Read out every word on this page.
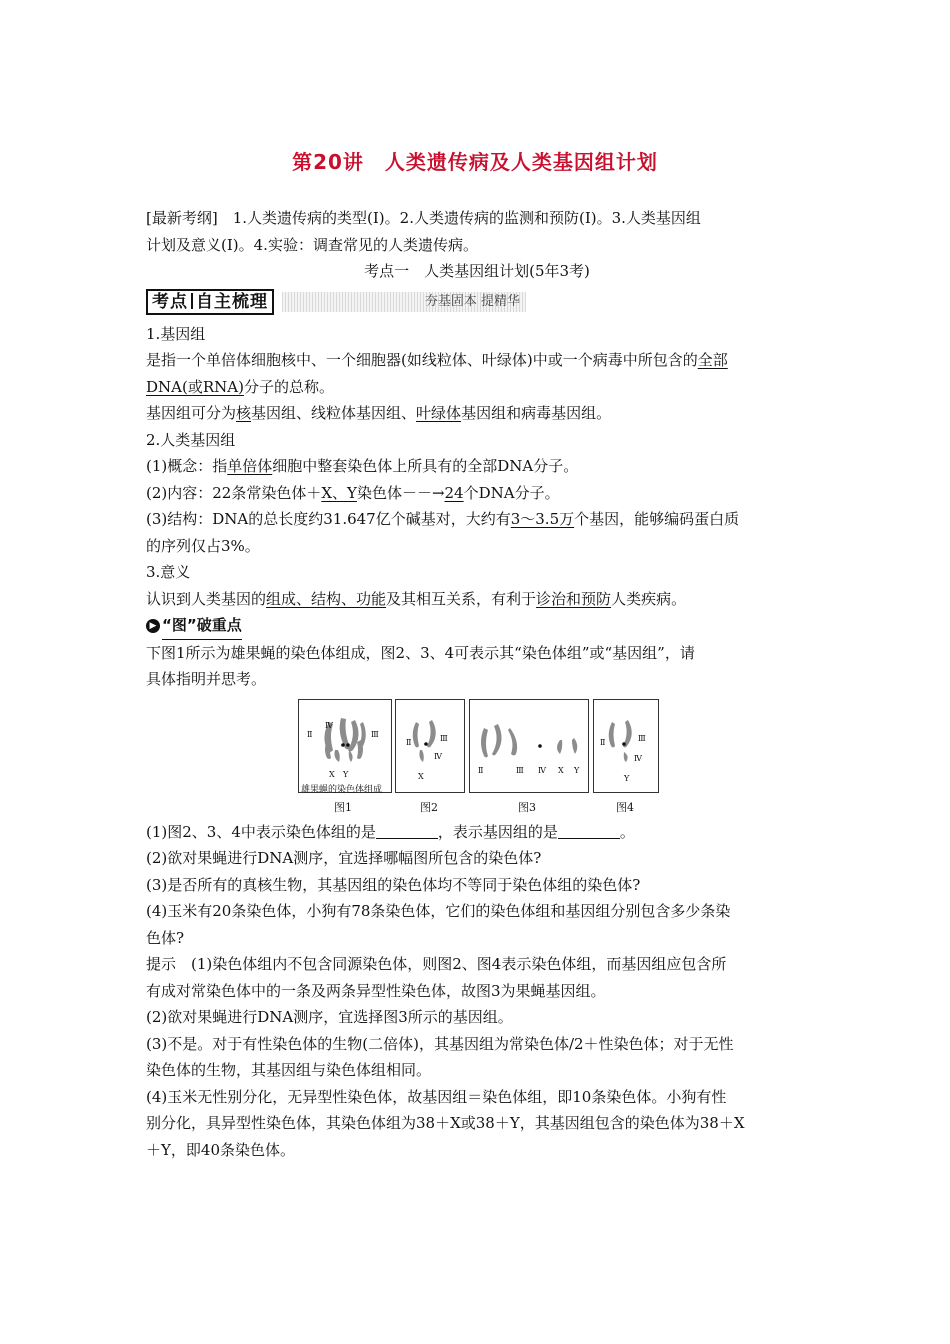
第20讲　人类遗传病及人类基因组计划

[最新考纲]　1.人类遗传病的类型(Ⅰ)。2.人类遗传病的监测和预防(Ⅰ)。3.人类基因组

计划及意义(Ⅰ)。4.实验：调查常见的人类遗传病。

考点一　人类基因组计划(5年3考)

考点 自主梳理	夯基固本 提精华

1.基因组

是指一个单倍体细胞核中、一个细胞器(如线粒体、叶绿体)中或一个病毒中所包含的全部

DNA(或RNA)分子的总称。

基因组可分为核基因组、线粒体基因组、叶绿体基因组和病毒基因组。

2.人类基因组

(1)概念：指单倍体细胞中整套染色体上所具有的全部DNA分子。

(2)内容：22条常染色体＋X、Y染色体－－→24个DNA分子。

(3)结构：DNA的总长度约31.647亿个碱基对，大约有3～3.5万个基因，能够编码蛋白质

的序列仅占3%。

3.意义

认识到人类基因的组成、结构、功能及其相互关系，有利于诊治和预防人类疾病。

▶ “图”破重点

下图1所示为雄果蝇的染色体组成，图2、3、4可表示其“染色体组”或“基因组”，请

具体指明并思考。

Ⅳ
Ⅱ	Ⅲ
X Y
雄果蝇的染色体组成
Ⅱ	Ⅲ
Ⅳ
X
Ⅱ	Ⅲ Ⅳ X Y
Ⅱ	Ⅲ
Ⅳ
Y
图1	图2	图3	图4

(1)图2、3、4中表示染色体组的是	，表示基因组的是	。

(2)欲对果蝇进行DNA测序，宜选择哪幅图所包含的染色体?

(3)是否所有的真核生物，其基因组的染色体均不等同于染色体组的染色体?

(4)玉米有20条染色体，小狗有78条染色体，它们的染色体组和基因组分别包含多少条染

色体?

提示　(1)染色体组内不包含同源染色体，则图2、图4表示染色体组，而基因组应包含所

有成对常染色体中的一条及两条异型性染色体，故图3为果蝇基因组。

(2)欲对果蝇进行DNA测序，宜选择图3所示的基因组。

(3)不是。对于有性染色体的生物(二倍体)，其基因组为常染色体/2＋性染色体；对于无性

染色体的生物，其基因组与染色体组相同。

(4)玉米无性别分化，无异型性染色体，故基因组＝染色体组，即10条染色体。小狗有性

别分化，具异型性染色体，其染色体组为38＋X或38＋Y，其基因组包含的染色体为38＋X

＋Y，即40条染色体。
